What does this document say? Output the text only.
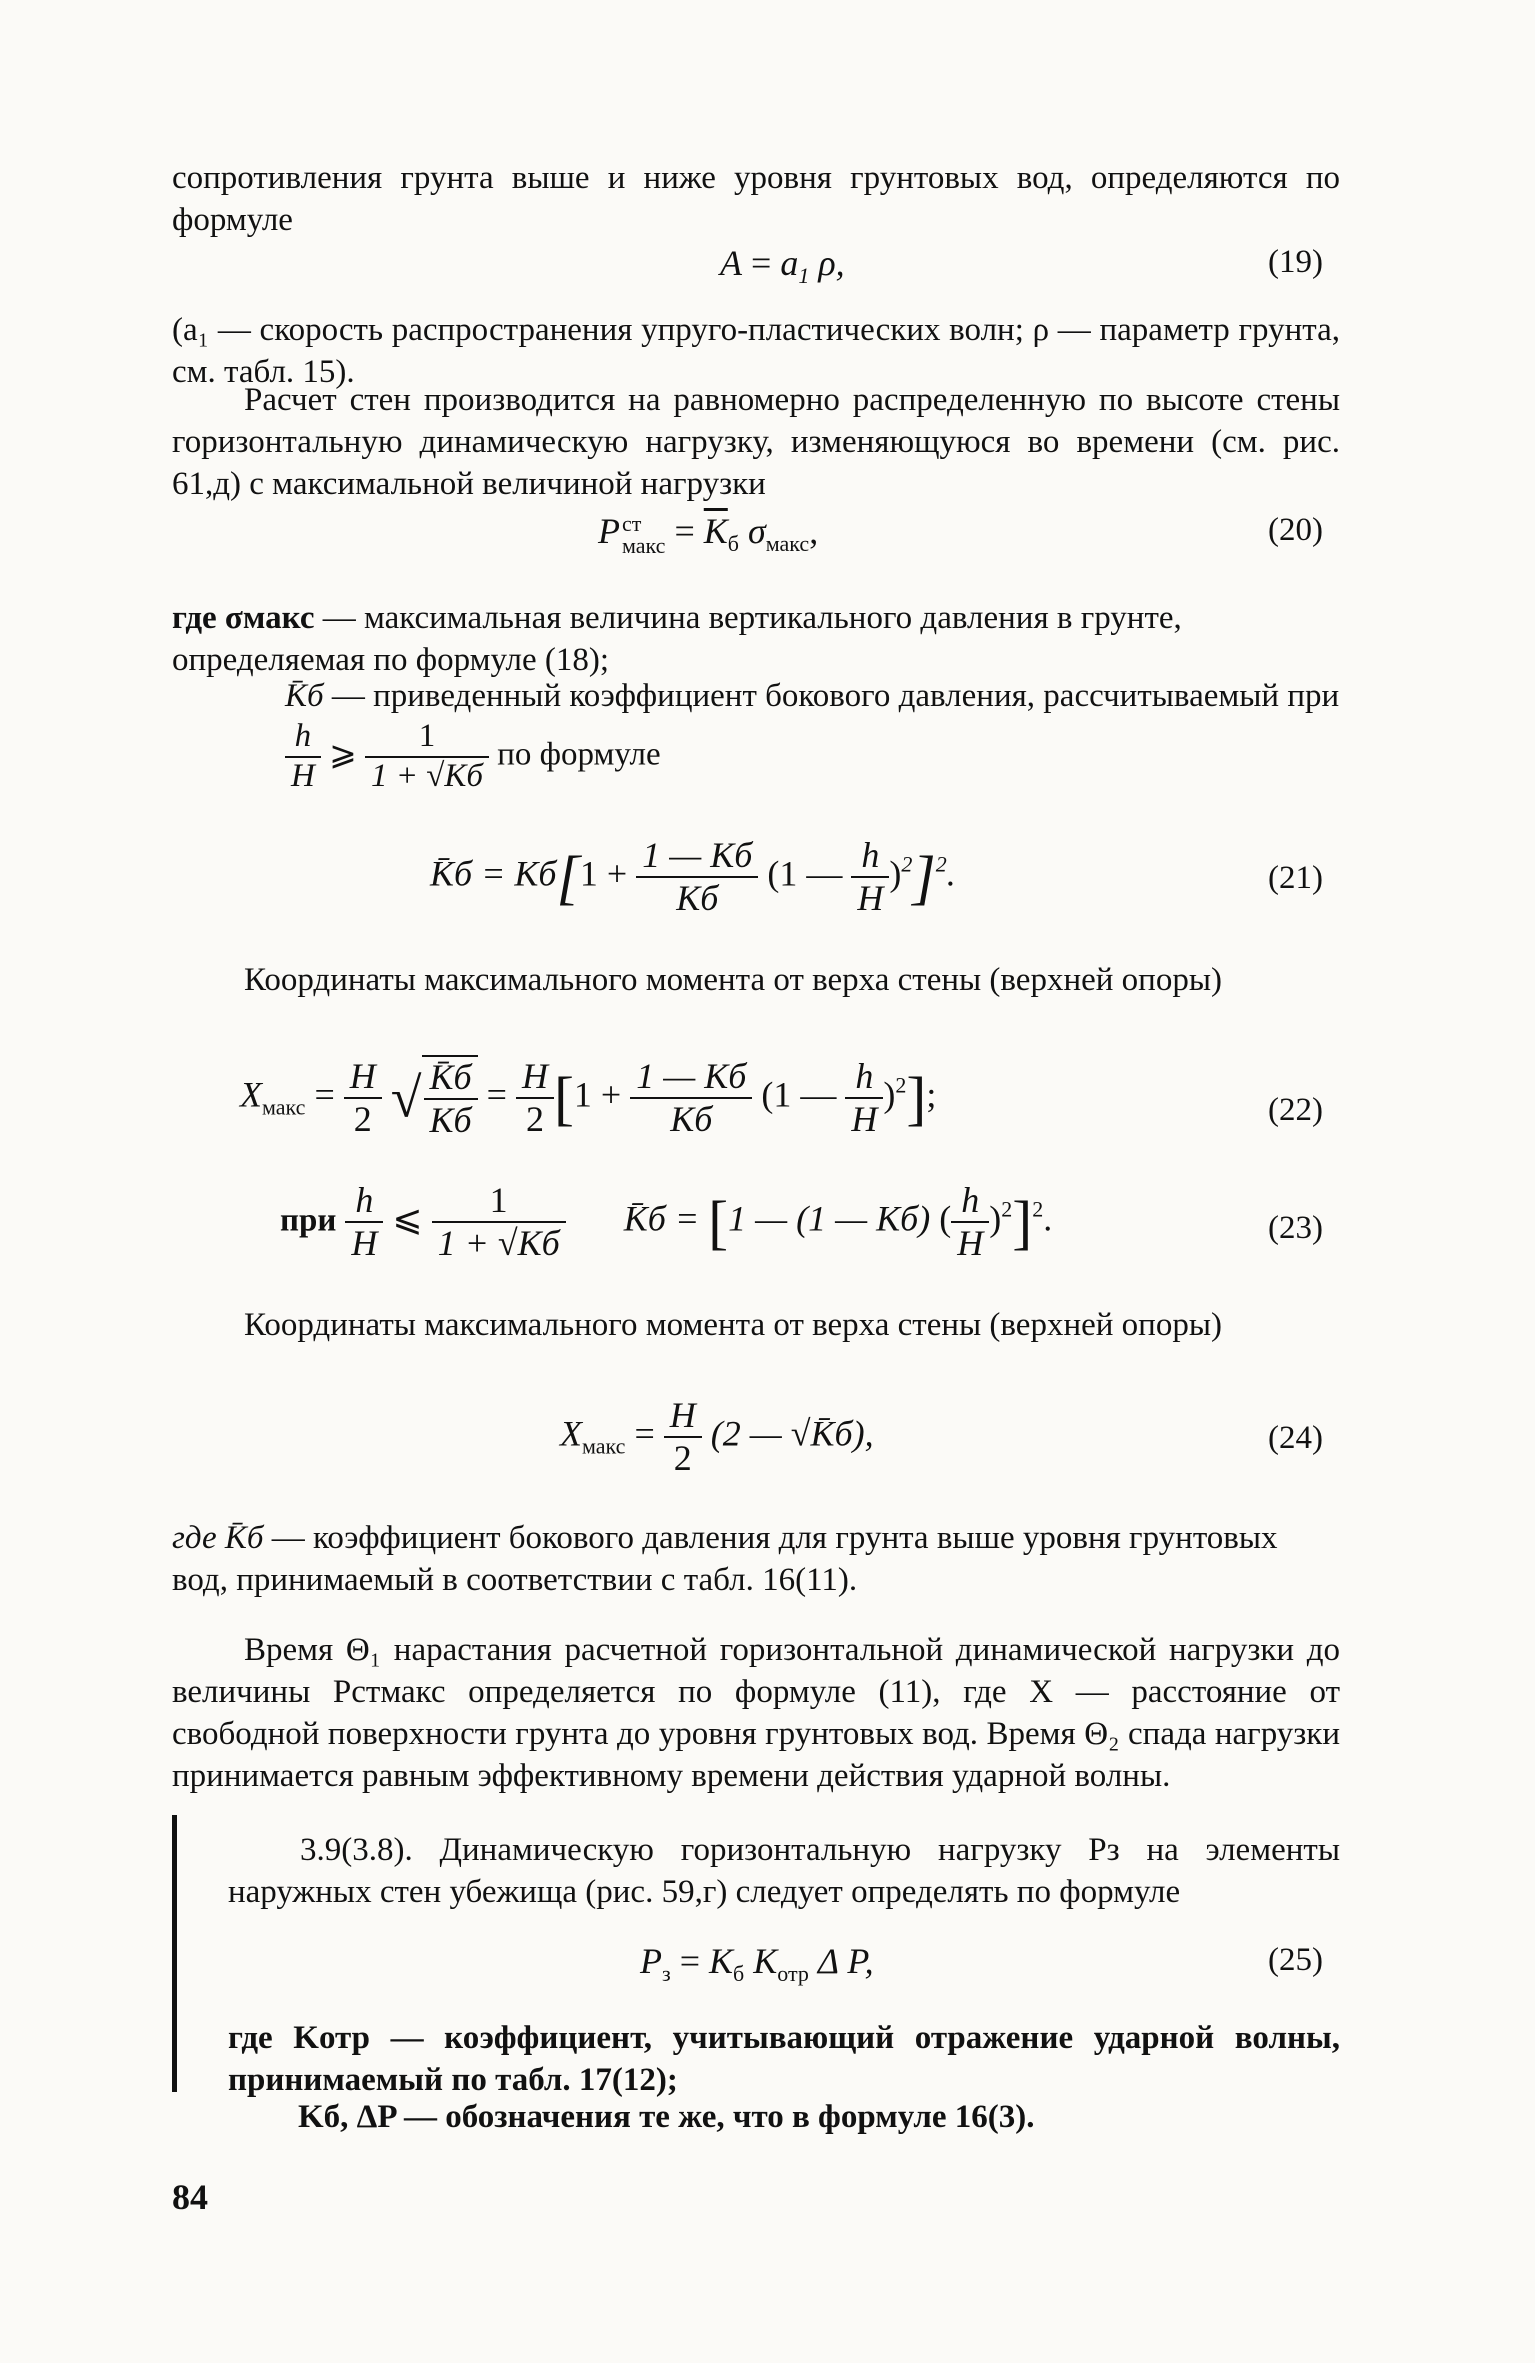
сопротивления грунта выше и ниже уровня грунтовых вод, определяются по формуле
$A = a_1$ ρ,	(19)
(a₁ — скорость распространения упруго-пластических волн; ρ — параметр грунта, см. табл. 15).
Расчет стен производится на равномерно распределенную по высоте стены горизонтальную динамическую нагрузку, изменяющуюся во времени (см. рис. 61,д) с максимальной величиной нагрузки
P ст
макс = $\overline{K}_б$ $\sigma_{макс}$,	(20)
где σмакс — максимальная величина вертикального давления в грунте, определяемая по формуле (18);
K̄б — приведенный коэффициент бокового давления, рассчитываемый при
$\frac{h}{H}$ ⩾ $\frac{1}{1 + √Kб}$ по формуле
K̄б = $Kб[1 + \frac{1 — Kб}{Kб} (1$ — $\frac{h}{H} )^2]^2$.	(21)
Координаты максимального момента от верха стены (верхней опоры)
$X_{макс} = \frac{H}{2}$ √ $\frac{K̄б}{Kб} = \frac{H}{2} [1 + \frac{1 — Kб}{Kб} (1$ — $\frac{h}{H} )^2$];	(22)
при $\frac{h}{H}$ ⩽ $\frac{1}{1 + √Kб}$ K̄б = [1 — (1 — Kб) ( $\frac{h}{H} )^2]^2$.	(23)
Координаты максимального момента от верха стены (верхней опоры)
$X_{макс} = \frac{H}{2} (2$ — √K̄б),	(24)
где K̄б — коэффициент бокового давления для грунта выше уровня грунтовых вод, принимаемый в соответствии с табл. 16(11).
Время Θ₁ нарастания расчетной горизонтальной динамической нагрузки до величины Pстмакс определяется по формуле (11), где X — расстояние от свободной поверхности грунта до уровня грунтовых вод. Время Θ₂ спада нагрузки принимается равным эффективному времени действия ударной волны.
3.9(3.8). Динамическую горизонтальную нагрузку Pз на элементы наружных стен убежища (рис. 59,г) следует определять по формуле
$P_з = K_б$ $K_{отр}$ Δ P,	(25)
где Kотр — коэффициент, учитывающий отражение ударной волны, принимаемый по табл. 17(12);
Kб, ΔP — обозначения те же, что в формуле 16(3).
84
